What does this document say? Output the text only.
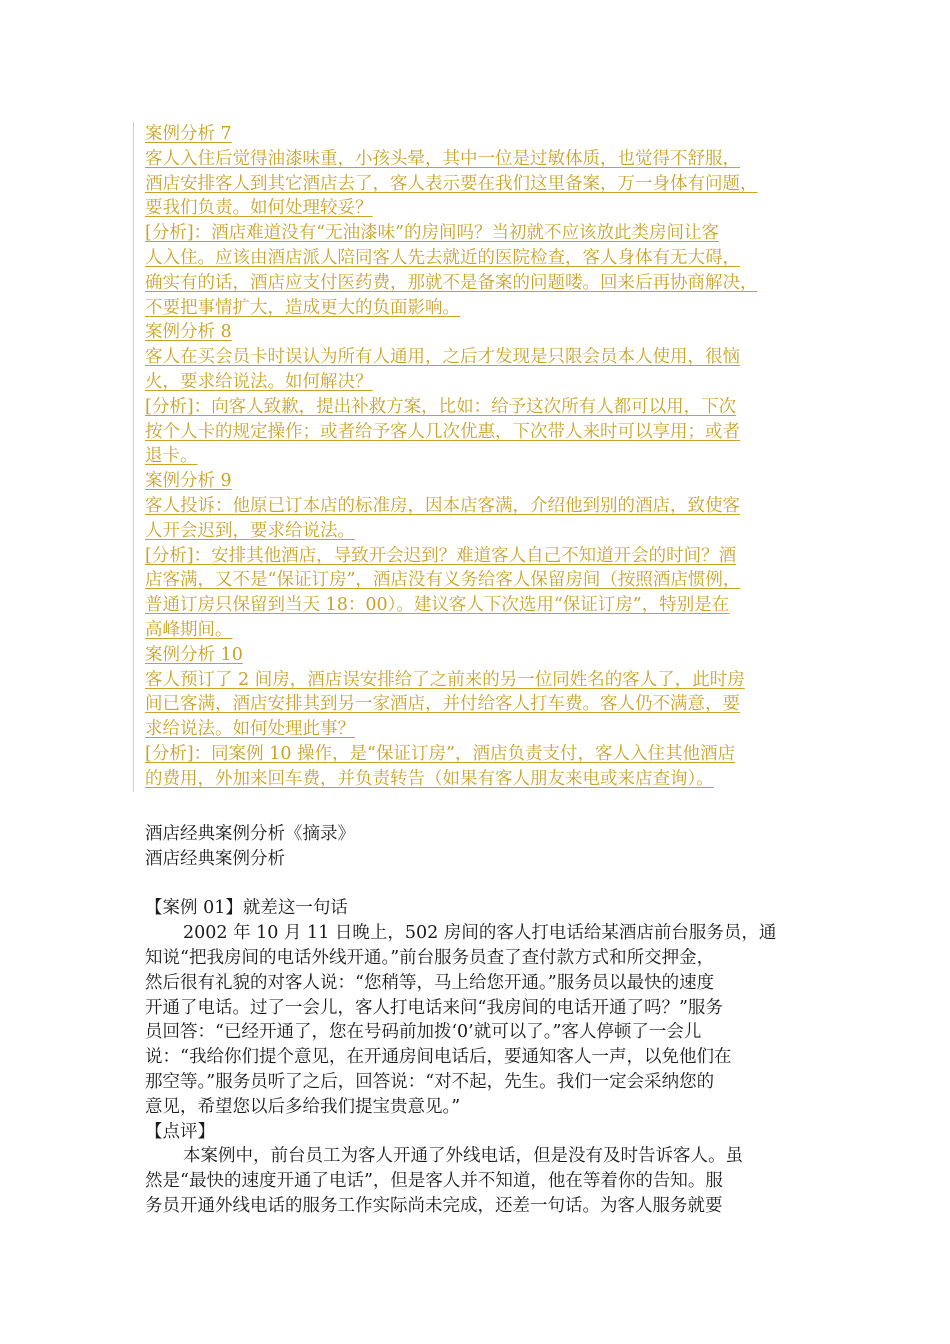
案例分析 7
客人入住后觉得油漆味重，小孩头晕，其中一位是过敏体质，也觉得不舒服，
酒店安排客人到其它酒店去了，客人表示要在我们这里备案，万一身体有问题，
要我们负责。如何处理较妥？
[分析]：酒店难道没有“无油漆味”的房间吗？当初就不应该放此类房间让客
人入住。应该由酒店派人陪同客人先去就近的医院检查，客人身体有无大碍，
确实有的话，酒店应支付医药费，那就不是备案的问题喽。回来后再协商解决，
不要把事情扩大，造成更大的负面影响。
案例分析 8
客人在买会员卡时误认为所有人通用，之后才发现是只限会员本人使用，很恼
火，要求给说法。如何解决？
[分析]：向客人致歉，提出补救方案，比如：给予这次所有人都可以用，下次
按个人卡的规定操作；或者给予客人几次优惠，下次带人来时可以享用；或者
退卡。
案例分析 9
客人投诉：他原已订本店的标准房，因本店客满，介绍他到别的酒店，致使客
人开会迟到，要求给说法。
[分析]：安排其他酒店，导致开会迟到？难道客人自己不知道开会的时间？酒
店客满，又不是“保证订房”，酒店没有义务给客人保留房间（按照酒店惯例，
普通订房只保留到当天 18：00）。建议客人下次选用“保证订房”，特别是在
高峰期间。
案例分析 10
客人预订了 2 间房，酒店误安排给了之前来的另一位同姓名的客人了，此时房
间已客满，酒店安排其到另一家酒店，并付给客人打车费。客人仍不满意，要
求给说法。如何处理此事？
[分析]：同案例 10 操作，是“保证订房”，酒店负责支付，客人入住其他酒店
的费用，外加来回车费，并负责转告（如果有客人朋友来电或来店查询）。
酒店经典案例分析《摘录》
酒店经典案例分析
【案例 01】就差这一句话
2002 年 10 月 11 日晚上，502 房间的客人打电话给某酒店前台服务员，通
知说“把我房间的电话外线开通。”前台服务员查了查付款方式和所交押金，
然后很有礼貌的对客人说：“您稍等，马上给您开通。”服务员以最快的速度
开通了电话。过了一会儿，客人打电话来问“我房间的电话开通了吗？”服务
员回答：“已经开通了，您在号码前加拨‘0’就可以了。”客人停顿了一会儿
说：“我给你们提个意见，在开通房间电话后，要通知客人一声，以免他们在
那空等。”服务员听了之后，回答说：“对不起，先生。我们一定会采纳您的
意见，希望您以后多给我们提宝贵意见。”
【点评】
本案例中，前台员工为客人开通了外线电话，但是没有及时告诉客人。虽
然是“最快的速度开通了电话”，但是客人并不知道，他在等着你的告知。服
务员开通外线电话的服务工作实际尚未完成，还差一句话。为客人服务就要
